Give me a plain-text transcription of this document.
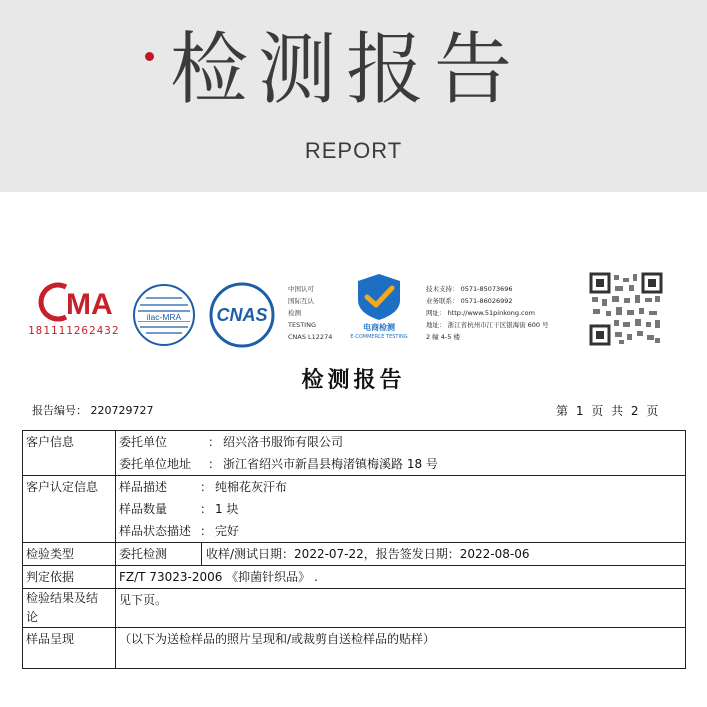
检测报告
REPORT
MA
181111262432
ilac-MRA CNAS
中国认可
国际互认
检测
TESTING
CNAS L12274
电商检测
E-COMMERCE TESTING
技术支持： 0571-85073696
业务联系： 0571-86026992
网址： http://www.51pinkong.com
地址： 浙江省杭州市江干区银海街 600 号
2 幢 4-5 楼
检测报告
报告编号： 220729727	第 1 页 共 2 页
客户信息	委托单位 ： 绍兴洛书服饰有限公司
委托单位地址 ： 浙江省绍兴市新昌县梅渚镇梅溪路 18 号

客户认定信息	样品描述 ： 纯棉花灰汗布
样品数量 ： 1 块
样品状态描述 ： 完好

检验类型	委托检测 收样/测试日期：2022-07-22，报告签发日期：2022-08-06

判定依据	FZ/T 73023-2006 《抑菌针织品》 .

检验结果及结论	见下页。

样品呈现	（以下为送检样品的照片呈现和/或裁剪自送检样品的贴样）
